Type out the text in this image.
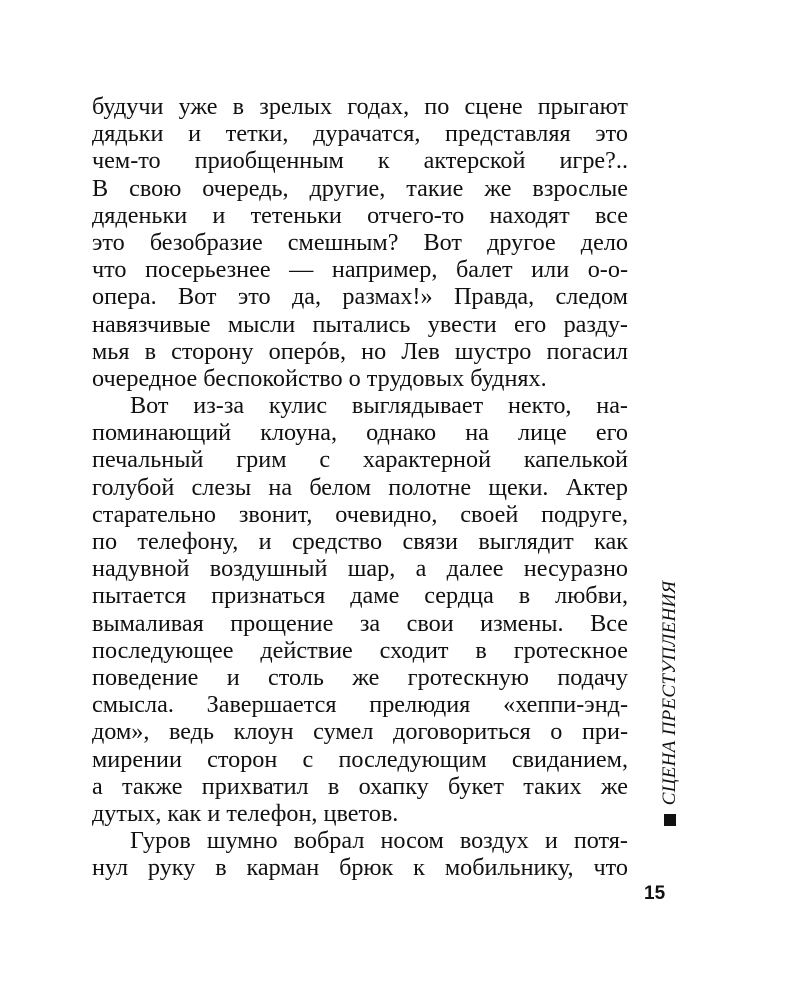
будучи уже в зрелых годах, по сцене прыгают
дядьки и тетки, дурачатся, представляя это
чем-то приобщенным к актерской игре?..
В свою очередь, другие, такие же взрослые
дяденьки и тетеньки отчего-то находят все
это безобразие смешным? Вот другое дело
что посерьезнее — например, балет или о-о-
опера. Вот это да, размах!» Правда, следом
навязчивые мысли пытались увести его разду-
мья в сторону оперóв, но Лев шустро погасил
очередное беспокойство о трудовых буднях.
Вот из-за кулис выглядывает некто, на-
поминающий клоуна, однако на лице его
печальный грим с характерной капелькой
голубой слезы на белом полотне щеки. Актер
старательно звонит, очевидно, своей подруге,
по телефону, и средство связи выглядит как
надувной воздушный шар, а далее несуразно
пытается признаться даме сердца в любви,
вымаливая прощение за свои измены. Все
последующее действие сходит в гротескное
поведение и столь же гротескную подачу
смысла. Завершается прелюдия «хеппи-энд-
дом», ведь клоун сумел договориться о при-
мирении сторон с последующим свиданием,
а также прихватил в охапку букет таких же
дутых, как и телефон, цветов.
Гуров шумно вобрал носом воздух и потя-
нул руку в карман брюк к мобильнику, что
СЦЕНА ПРЕСТУПЛЕНИЯ
15
